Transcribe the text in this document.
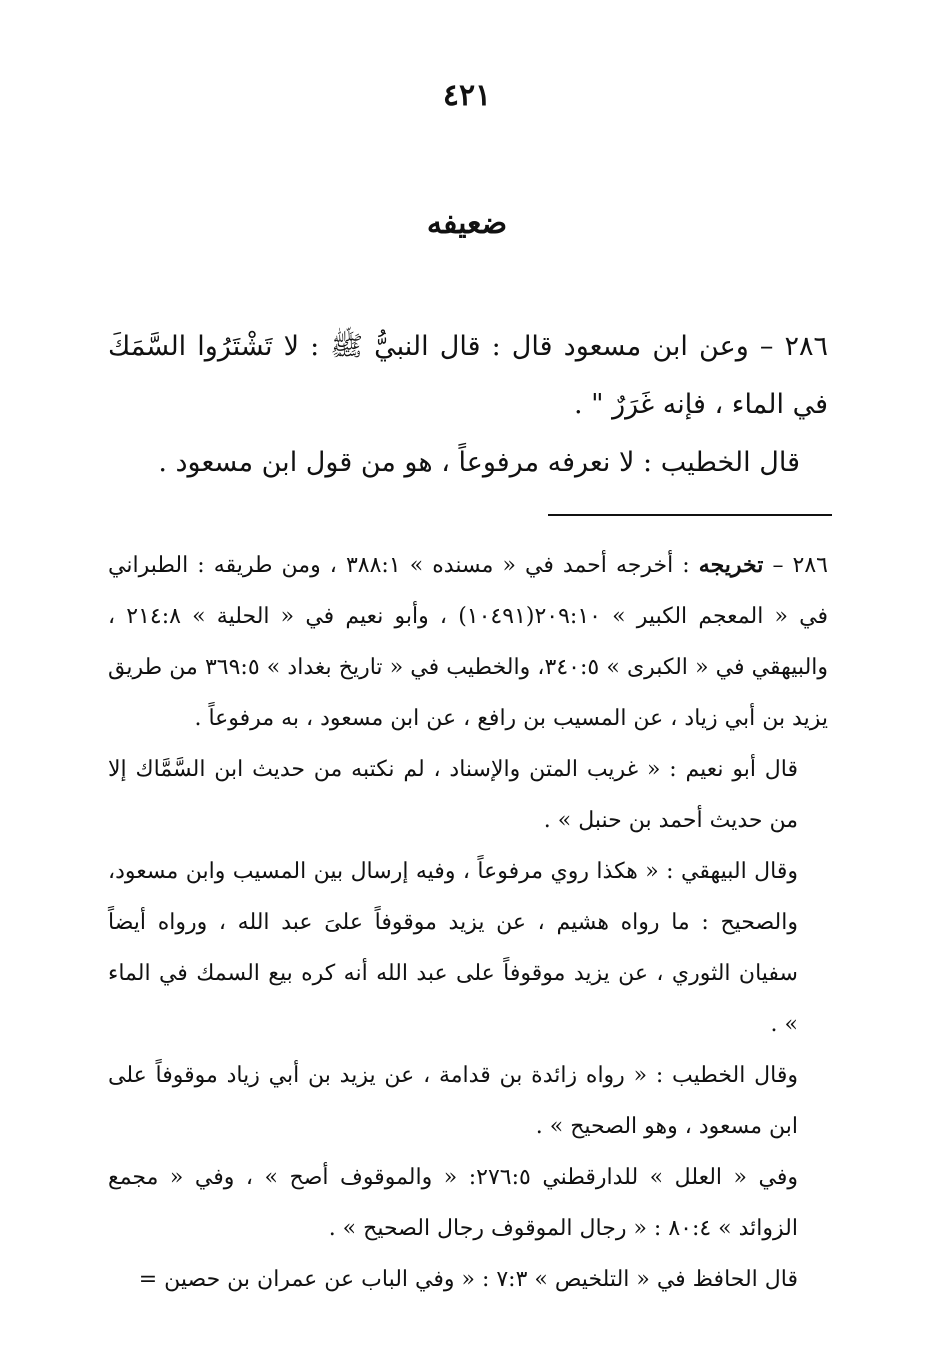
٤٢١
ضعيفه

٢٨٦ – وعن ابن مسعود قال : قال النبيُّ ﷺ : لا تَشْتَرُوا السَّمَكَ في الماء ، فإنه غَرَرٌ " .

قال الخطيب : لا نعرفه مرفوعاً ، هو من قول ابن مسعود .

٢٨٦ – تخريجه : أخرجه أحمد في « مسنده » ٣٨٨:١ ، ومن طريقه : الطبراني في « المعجم الكبير » ٢٠٩:١٠(١٠٤٩١) ، وأبو نعيم في « الحلية » ٢١٤:٨ ، والبيهقي في « الكبرى » ٣٤٠:٥، والخطيب في « تاريخ بغداد » ٣٦٩:٥ من طريق يزيد بن أبي زياد ، عن المسيب بن رافع ، عن ابن مسعود ، به مرفوعاً .

قال أبو نعيم : « غريب المتن والإسناد ، لم نكتبه من حديث ابن السَّمَّاك إلا من حديث أحمد بن حنبل » .

وقال البيهقي : « هكذا روي مرفوعاً ، وفيه إرسال بين المسيب وابن مسعود، والصحيح : ما رواه هشيم ، عن يزيد موقوفاً علىَ عبد الله ، ورواه أيضاً سفيان الثوري ، عن يزيد موقوفاً على عبد الله أنه كره بيع السمك في الماء » .

وقال الخطيب : « رواه زائدة بن قدامة ، عن يزيد بن أبي زياد موقوفاً على ابن مسعود ، وهو الصحيح » .

وفي « العلل » للدارقطني ٢٧٦:٥: « والموقوف أصح » ، وفي « مجمع الزوائد » ٨٠:٤ : « رجال الموقوف رجال الصحيح » .

قال الحافظ في « التلخيص » ٧:٣ : « وفي الباب عن عمران بن حصين =
